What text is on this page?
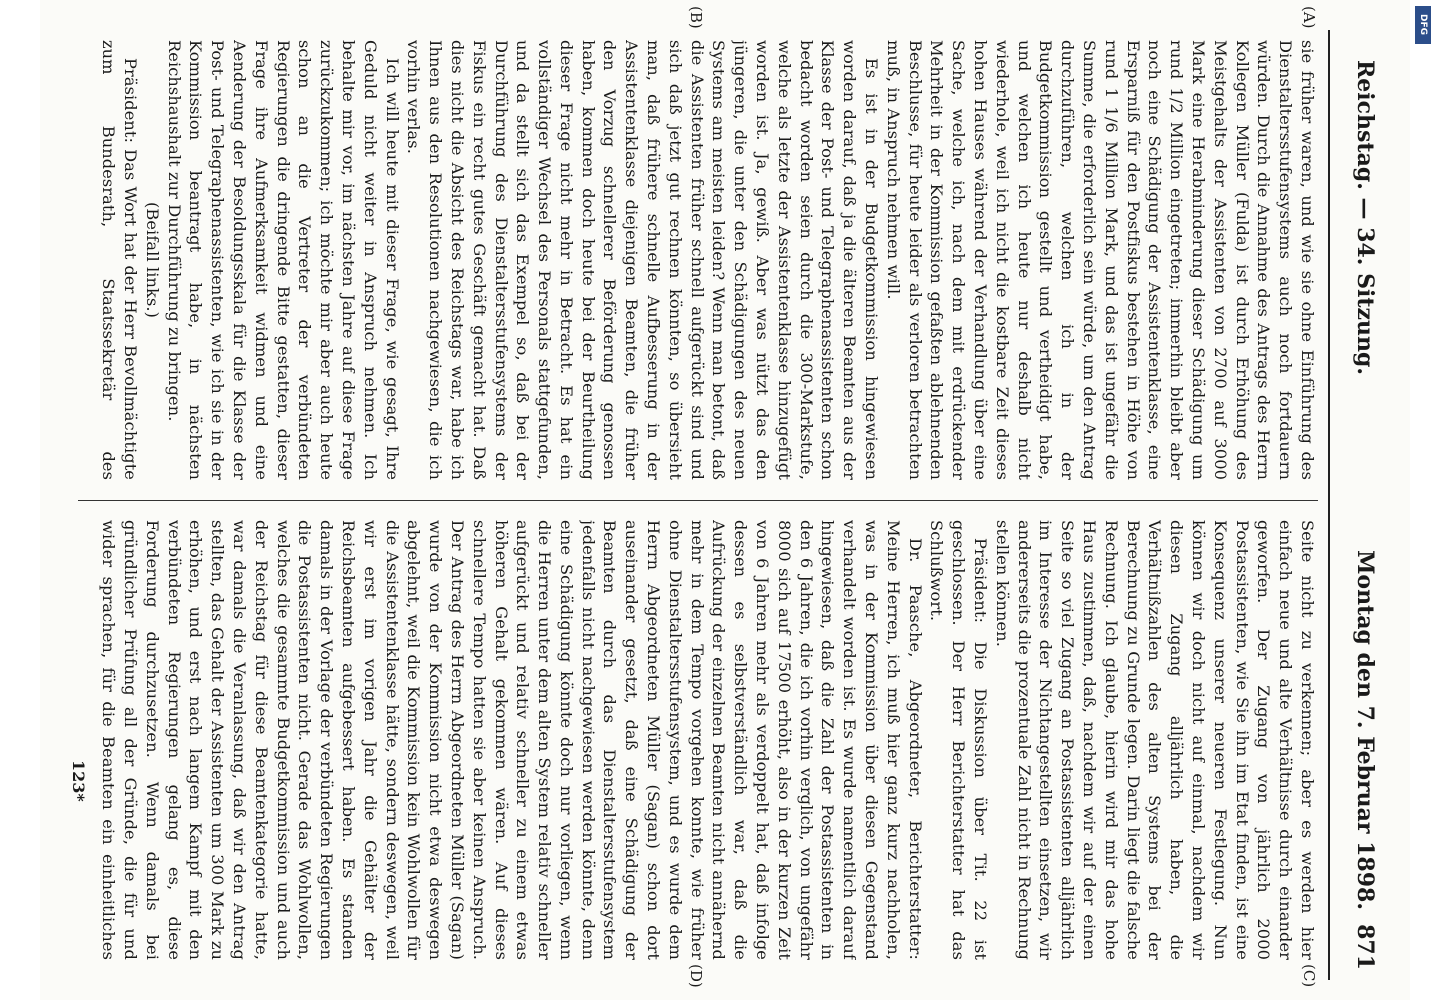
Reichstag. — 34. Sitzung.
Montag den 7. Februar 1898.
871
(A)
(B)
(C)
(D)

sie früher waren, und wie sie ohne Einführung des Dienstaltersstufensystems auch noch fortdauern würden. Durch die Annahme des Antrags des Herrn Kollegen Müller (Fulda) ist durch Erhöhung des Meistgehalts der Assistenten von 2700 auf 3000 Mark eine Herabminderung dieser Schädigung um rund 1/2 Million eingetreten; immerhin bleibt aber noch eine Schädigung der Assistentenklasse, eine Ersparniß für den Postfiskus bestehen in Höhe von rund 1 1/6 Million Mark, und das ist ungefähr die Summe, die erforderlich sein würde, um den Antrag durchzuführen, welchen ich in der Budgetkommission gestellt und vertheidigt habe, und welchen ich heute nur deshalb nicht wiederhole, weil ich nicht die kostbare Zeit dieses hohen Hauses während der Verhandlung über eine Sache, welche ich, nach dem mit erdrückender Mehrheit in der Kommission gefaßten ablehnenden Beschlusse, für heute leider als verloren betrachten muß, in Anspruch nehmen will.

Es ist in der Budgetkommission hingewiesen worden darauf, daß ja die älteren Beamten aus der Klasse der Post- und Telegraphenassistenten schon bedacht worden seien durch die 300-Markstufe, welche als letzte der Assistentenklasse hinzugefügt worden ist. Ja, gewiß. Aber was nützt das den jüngeren, die unter den Schädigungen des neuen Systems am meisten leiden? Wenn man betont, daß die Assistenten früher schnell aufgerückt sind und sich daß jetzt gut rechnen könnten, so übersieht man, daß frühere schnelle Aufbesserung in der Assistentenklasse diejenigen Beamten, die früher den Vorzug schnellerer Beförderung genossen haben, kommen doch heute bei der Beurtheilung dieser Frage nicht mehr in Betracht. Es hat ein vollständiger Wechsel des Personals stattgefunden, und da stellt sich das Exempel so, daß bei der Durchführung des Dienstaltersstufensystems der Fiskus ein recht gutes Geschäft gemacht hat. Daß dies nicht die Absicht des Reichstags war, habe ich Ihnen aus den Resolutionen nachgewiesen, die ich vorhin verlas.

Ich will heute mit dieser Frage, wie gesagt, Ihre Geduld nicht weiter in Anspruch nehmen. Ich behalte mir vor, im nächsten Jahre auf diese Frage zurückzukommen; ich möchte mir aber auch heute schon an die Vertreter der verbündeten Regierungen die dringende Bitte gestatten, dieser Frage ihre Aufmerksamkeit widmen und eine Aenderung der Besoldungsskala für die Klasse der Post- und Telegraphenassistenten, wie ich sie in der Kommission beantragt habe, in nächsten Reichshaushalt zur Durchführung zu bringen.

(Beifall links.)

Präsident: Das Wort hat der Herr Bevollmächtigte zum Bundesrath, Staatssekretär des

Seite nicht zu verkennen; aber es werden hier einfach neue und alte Verhältnisse durch einander geworfen. Der Zugang von jährlich 2000 Postassistenten, wie Sie ihn im Etat finden, ist eine Konsequenz unserer neueren Festlegung. Nun können wir doch nicht auf einmal, nachdem wir diesen Zugang alljährlich haben, die Verhältnißzahlen des alten Systems bei der Berechnung zu Grunde legen. Darin liegt die falsche Rechnung. Ich glaube, hierin wird mir das hohe Haus zustimmen, daß, nachdem wir auf der einen Seite so viel Zugang an Postassistenten alljährlich im Interesse der Nichtangestellten einsetzen, wir andererseits die prozentuale Zahl nicht in Rechnung stellen können.

Präsident: Die Diskussion über Tit. 22 ist geschlossen. Der Herr Berichterstatter hat das Schlußwort.

Dr. Paasche, Abgeordneter, Berichterstatter: Meine Herren, ich muß hier ganz kurz nachholen, was in der Kommission über diesen Gegenstand verhandelt worden ist. Es wurde namentlich darauf hingewiesen, daß die Zahl der Postassistenten in den 6 Jahren, die ich vorhin verglich, von ungefähr 8000 sich auf 17500 erhöht, also in der kurzen Zeit von 6 Jahren mehr als verdoppelt hat, daß infolge dessen es selbstverständlich war, daß die Aufrückung der einzelnen Beamten nicht annähernd mehr in dem Tempo vorgehen konnte, wie früher ohne Dienstaltersstufensystem, und es wurde dem Herrn Abgeordneten Müller (Sagan) schon dort auseinander gesetzt, daß eine Schädigung der Beamten durch das Dienstaltersstufensystem jedenfalls nicht nachgewiesen werden könnte, denn eine Schädigung könnte doch nur vorliegen, wenn die Herren unter dem alten System relativ schneller aufgerückt und relativ schneller zu einem etwas höheren Gehalt gekommen wären. Auf dieses schnellere Tempo hatten sie aber keinen Anspruch. Der Antrag des Herrn Abgeordneten Müller (Sagan) wurde von der Kommission nicht etwa deswegen abgelehnt, weil die Kommission kein Wohlwollen für die Assistentenklasse hätte, sondern deswegen, weil wir erst im vorigen Jahr die Gehälter der Reichsbeamten aufgebessert haben. Es standen damals in der Vorlage der verbündeten Regierungen die Postassistenten nicht. Gerade das Wohlwollen, welches die gesammte Budgetkommission und auch der Reichstag für diese Beamtenkategorie hatte, war damals die Veranlassung, daß wir den Antrag stellten, das Gehalt der Assistenten um 300 Mark zu erhöhen, und erst nach langem Kampf mit den verbündeten Regierungen gelang es, diese Forderung durchzusetzen. Wenn damals bei gründlicher Prüfung all der Gründe, die für und wider sprachen, für die Beamten ein einheitliches

123*
DFG
